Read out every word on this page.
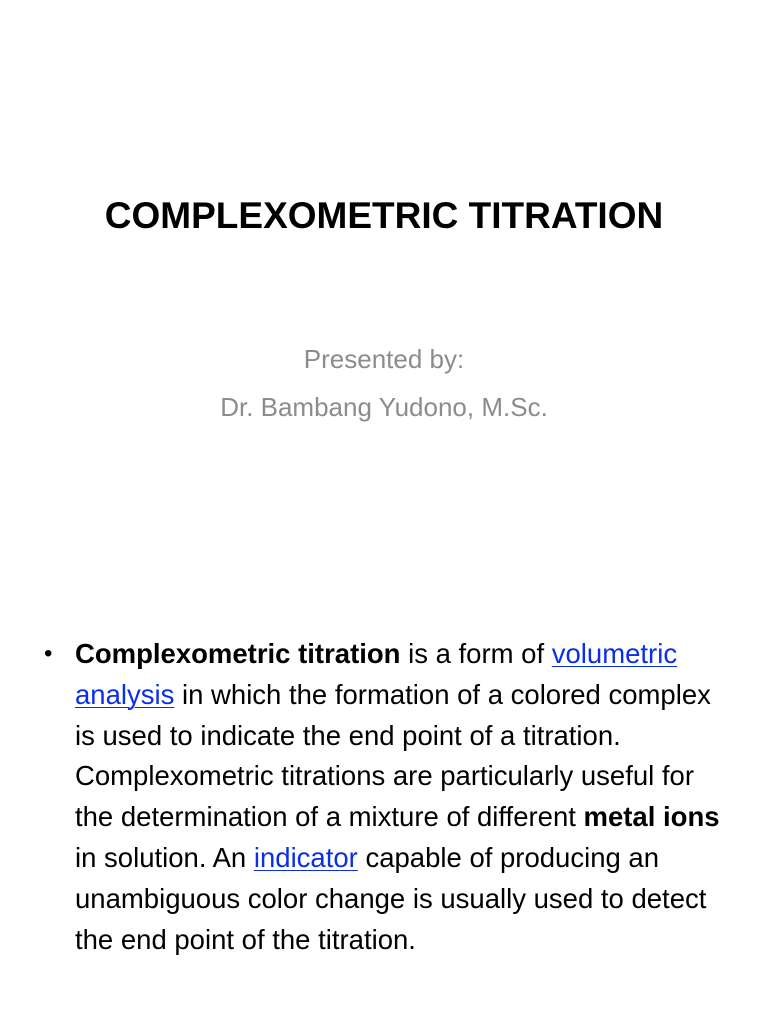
COMPLEXOMETRIC TITRATION
Presented by:
Dr. Bambang Yudono, M.Sc.
• Complexometric titration is a form of volumetric analysis in which the formation of a colored complex is used to indicate the end point of a titration. Complexometric titrations are particularly useful for the determination of a mixture of different metal ions in solution. An indicator capable of producing an unambiguous color change is usually used to detect the end point of the titration.
